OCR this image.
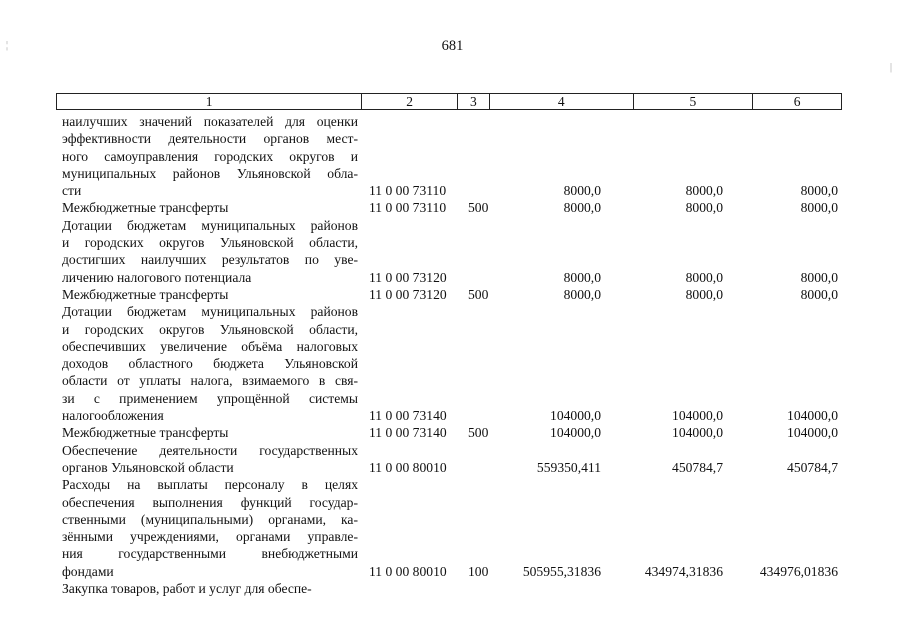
681
1	2	3	4	5	6
наилучших значений показателей для оценки
эффективности деятельности органов мест-
ного самоуправления городских округов и
муниципальных районов Ульяновской обла-
сти	11 0 00 73110	8000,0	8000,0	8000,0
Межбюджетные трансферты	11 0 00 73110 500	8000,0	8000,0	8000,0
Дотации бюджетам муниципальных районов
и городских округов Ульяновской области,
достигших наилучших результатов по уве-
личению налогового потенциала	11 0 00 73120	8000,0	8000,0	8000,0
Межбюджетные трансферты	11 0 00 73120 500	8000,0	8000,0	8000,0
Дотации бюджетам муниципальных районов
и городских округов Ульяновской области,
обеспечивших увеличение объёма налоговых
доходов областного бюджета Ульяновской
области от уплаты налога, взимаемого в свя-
зи с применением упрощённой системы
налогообложения	11 0 00 73140	104000,0	104000,0	104000,0
Межбюджетные трансферты	11 0 00 73140 500	104000,0	104000,0	104000,0
Обеспечение деятельности государственных
органов Ульяновской области	11 0 00 80010	559350,411	450784,7	450784,7
Расходы на выплаты персоналу в целях
обеспечения выполнения функций государ-
ственными (муниципальными) органами, ка-
зёнными учреждениями, органами управле-
ния государственными внебюджетными
фондами	11 0 00 80010 100	505955,31836	434974,31836	434976,01836
Закупка товаров, работ и услуг для обеспе-
¦
|
